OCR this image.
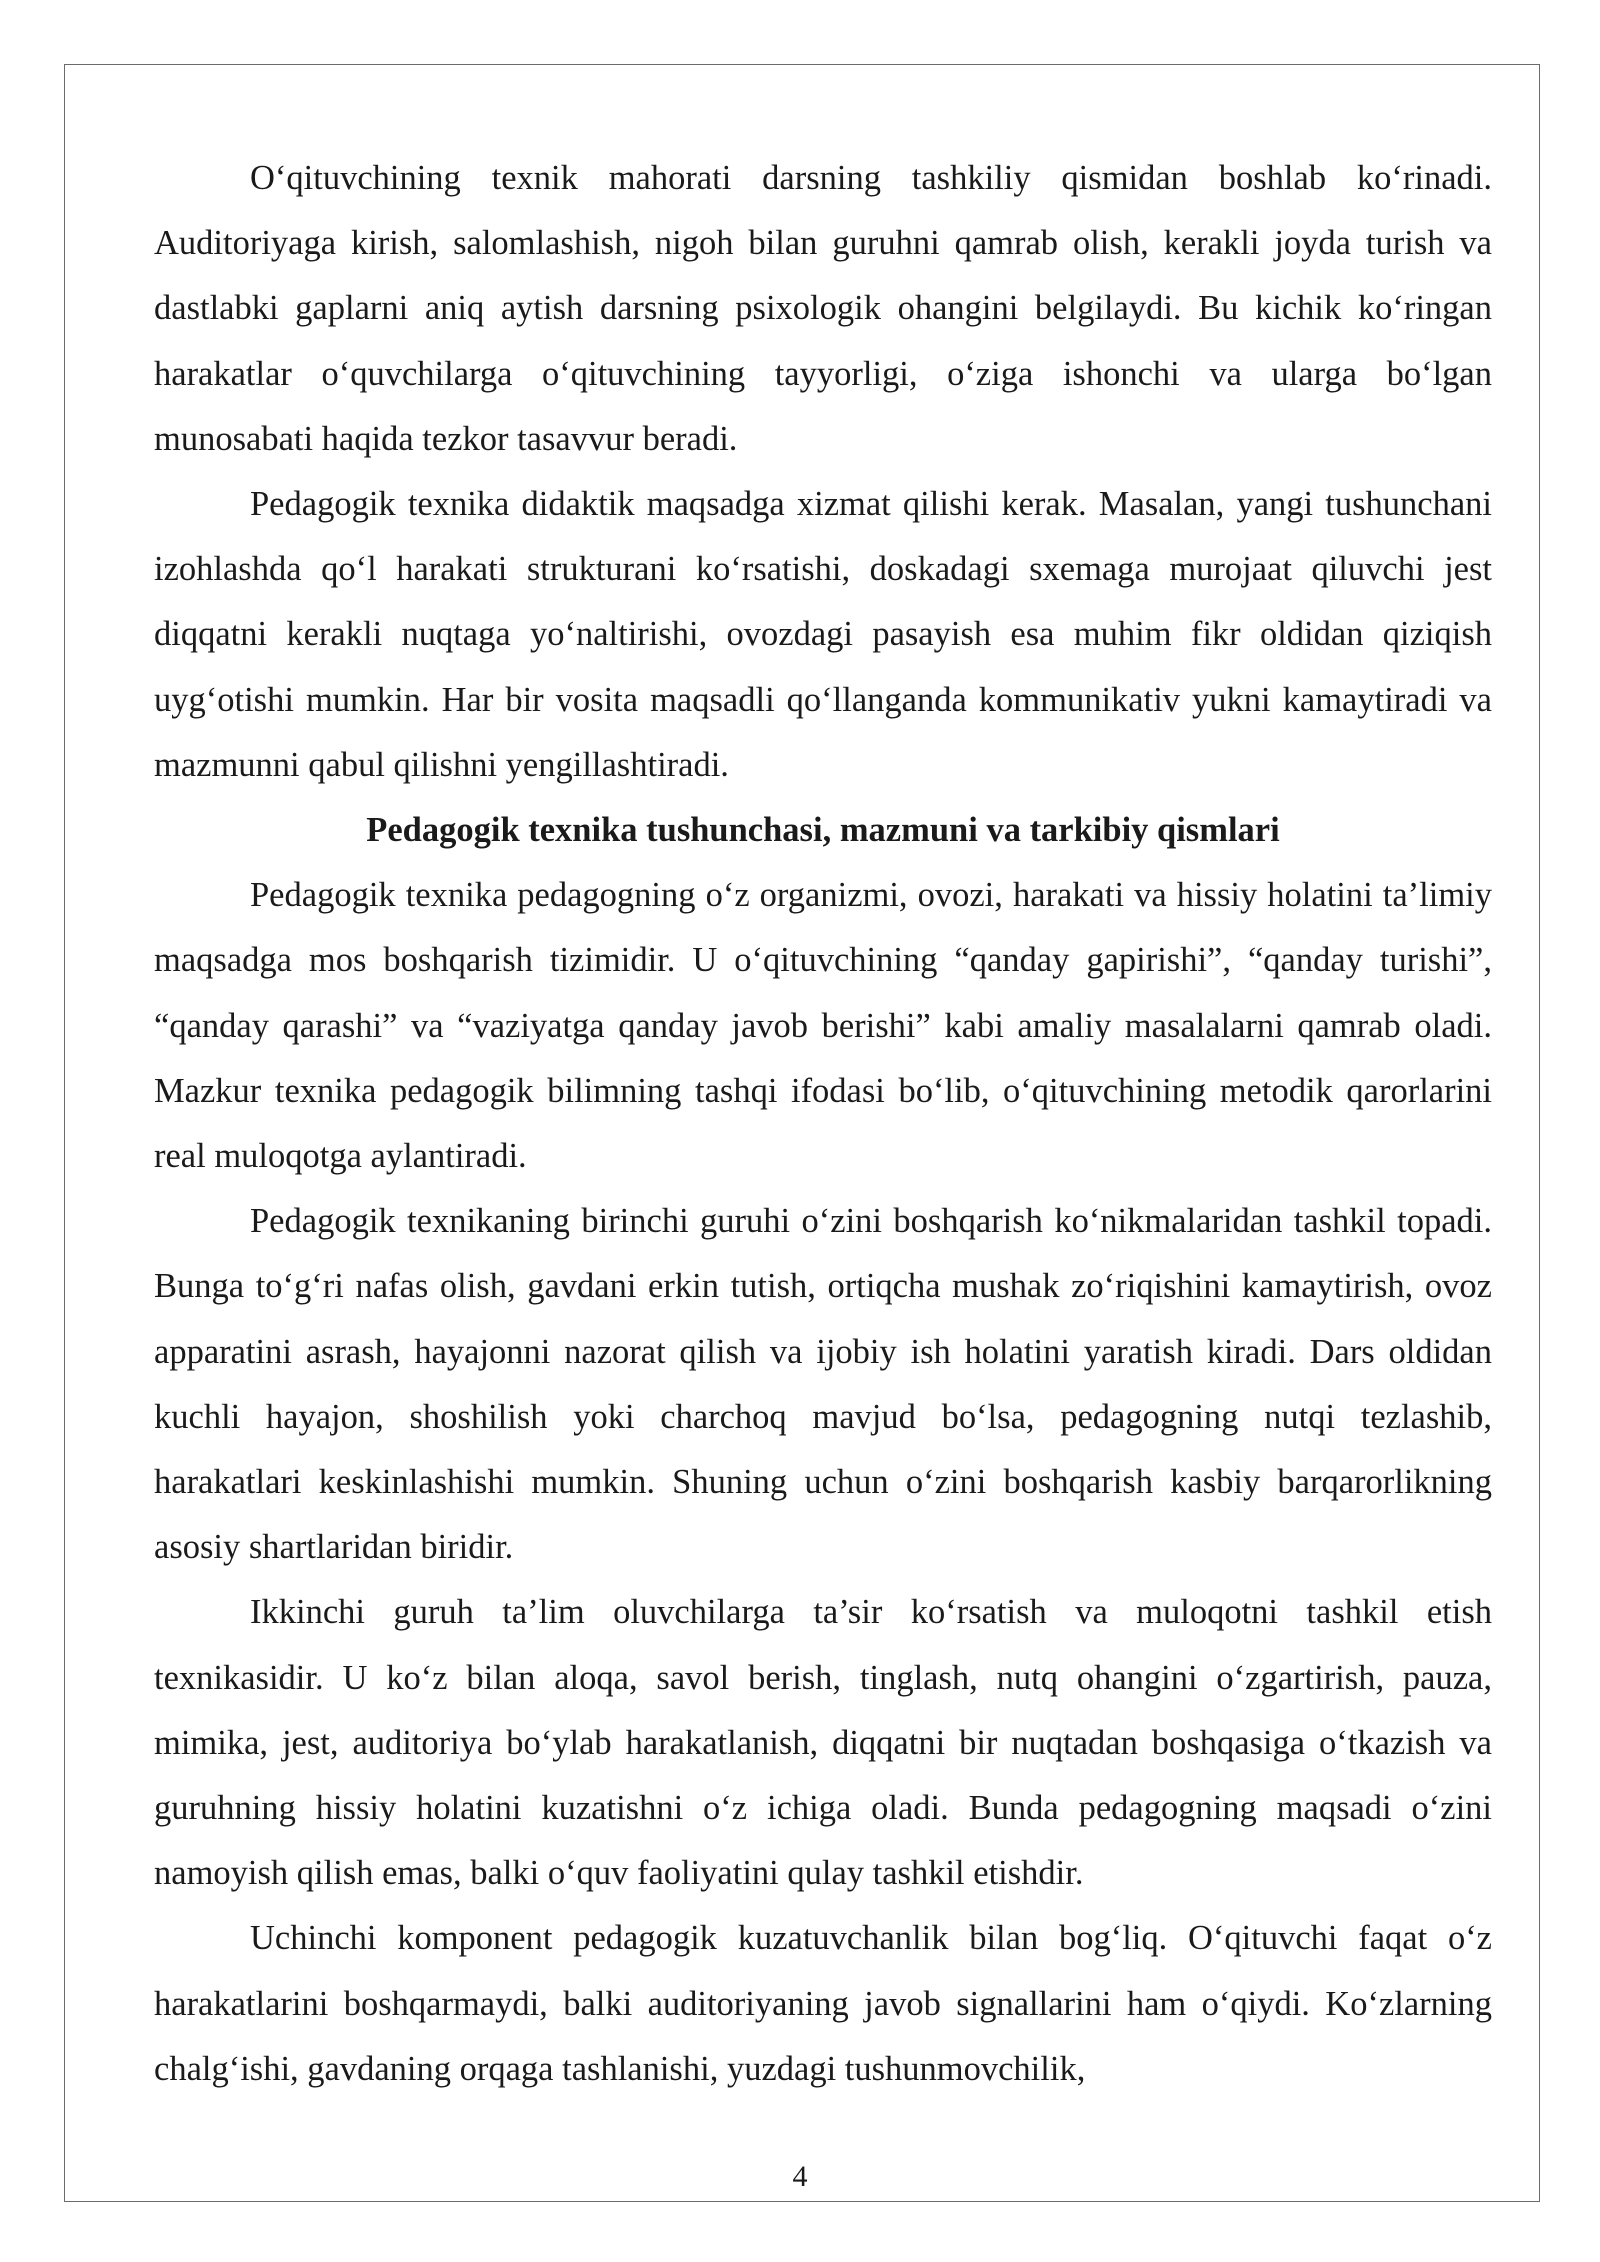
O‘qituvchining texnik mahorati darsning tashkiliy qismidan boshlab ko‘rinadi. Auditoriyaga kirish, salomlashish, nigoh bilan guruhni qamrab olish, kerakli joyda turish va dastlabki gaplarni aniq aytish darsning psixologik ohangini belgilaydi. Bu kichik ko‘ringan harakatlar o‘quvchilarga o‘qituvchining tayyorligi, o‘ziga ishonchi va ularga bo‘lgan munosabati haqida tezkor tasavvur beradi.

Pedagogik texnika didaktik maqsadga xizmat qilishi kerak. Masalan, yangi tushunchani izohlashda qo‘l harakati strukturani ko‘rsatishi, doskadagi sxemaga murojaat qiluvchi jest diqqatni kerakli nuqtaga yo‘naltirishi, ovozdagi pasayish esa muhim fikr oldidan qiziqish uyg‘otishi mumkin. Har bir vosita maqsadli qo‘llanganda kommunikativ yukni kamaytiradi va mazmunni qabul qilishni yengillashtiradi.

Pedagogik texnika tushunchasi, mazmuni va tarkibiy qismlari

Pedagogik texnika pedagogning o‘z organizmi, ovozi, harakati va hissiy holatini ta’limiy maqsadga mos boshqarish tizimidir. U o‘qituvchining “qanday gapirishi”, “qanday turishi”, “qanday qarashi” va “vaziyatga qanday javob berishi” kabi amaliy masalalarni qamrab oladi. Mazkur texnika pedagogik bilimning tashqi ifodasi bo‘lib, o‘qituvchining metodik qarorlarini real muloqotga aylantiradi.

Pedagogik texnikaning birinchi guruhi o‘zini boshqarish ko‘nikmalaridan tashkil topadi. Bunga to‘g‘ri nafas olish, gavdani erkin tutish, ortiqcha mushak zo‘riqishini kamaytirish, ovoz apparatini asrash, hayajonni nazorat qilish va ijobiy ish holatini yaratish kiradi. Dars oldidan kuchli hayajon, shoshilish yoki charchoq mavjud bo‘lsa, pedagogning nutqi tezlashib, harakatlari keskinlashishi mumkin. Shuning uchun o‘zini boshqarish kasbiy barqarorlikning asosiy shartlaridan biridir.

Ikkinchi guruh ta’lim oluvchilarga ta’sir ko‘rsatish va muloqotni tashkil etish texnikasidir. U ko‘z bilan aloqa, savol berish, tinglash, nutq ohangini o‘zgartirish, pauza, mimika, jest, auditoriya bo‘ylab harakatlanish, diqqatni bir nuqtadan boshqasiga o‘tkazish va guruhning hissiy holatini kuzatishni o‘z ichiga oladi. Bunda pedagogning maqsadi o‘zini namoyish qilish emas, balki o‘quv faoliyatini qulay tashkil etishdir.

Uchinchi komponent pedagogik kuzatuvchanlik bilan bog‘liq. O‘qituvchi faqat o‘z harakatlarini boshqarmaydi, balki auditoriyaning javob signallarini ham o‘qiydi. Ko‘zlarning chalg‘ishi, gavdaning orqaga tashlanishi, yuzdagi tushunmovchilik,

4
